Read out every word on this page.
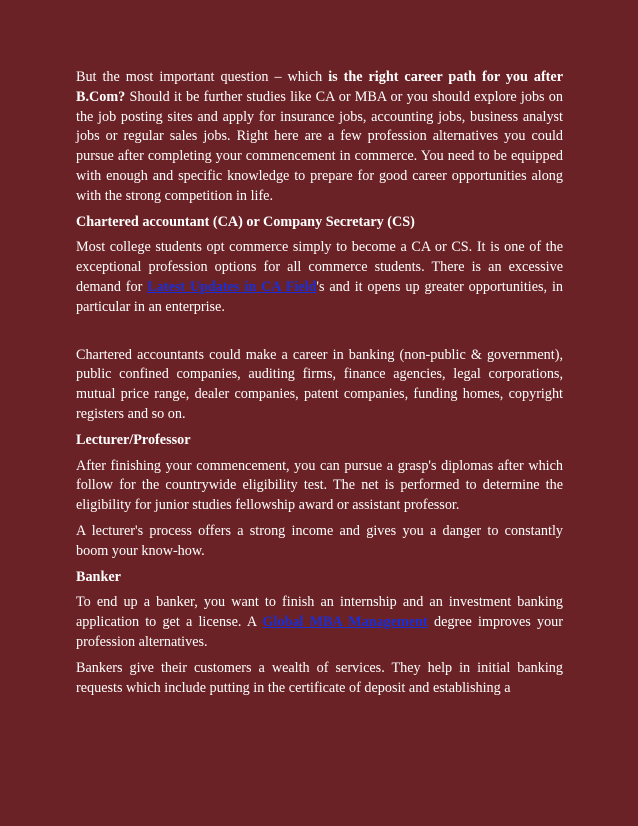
But the most important question – which is the right career path for you after B.Com? Should it be further studies like CA or MBA or you should explore jobs on the job posting sites and apply for insurance jobs, accounting jobs, business analyst jobs or regular sales jobs. Right here are a few profession alternatives you could pursue after completing your commencement in commerce. You need to be equipped with enough and specific knowledge to prepare for good career opportunities along with the strong competition in life.

Chartered accountant (CA) or Company Secretary (CS)

Most college students opt commerce simply to become a CA or CS. It is one of the exceptional profession options for all commerce students. There is an excessive demand for Latest Updates in CA Field's and it opens up greater opportunities, in particular in an enterprise.

Chartered accountants could make a career in banking (non-public & government), public confined companies, auditing firms, finance agencies, legal corporations, mutual price range, dealer companies, patent companies, funding homes, copyright registers and so on.

Lecturer/Professor

After finishing your commencement, you can pursue a grasp's diplomas after which follow for the countrywide eligibility test. The net is performed to determine the eligibility for junior studies fellowship award or assistant professor.

A lecturer's process offers a strong income and gives you a danger to constantly boom your know-how.

Banker

To end up a banker, you want to finish an internship and an investment banking application to get a license. A Global MBA Management degree improves your profession alternatives.

Bankers give their customers a wealth of services. They help in initial banking requests which include putting in the certificate of deposit and establishing a
